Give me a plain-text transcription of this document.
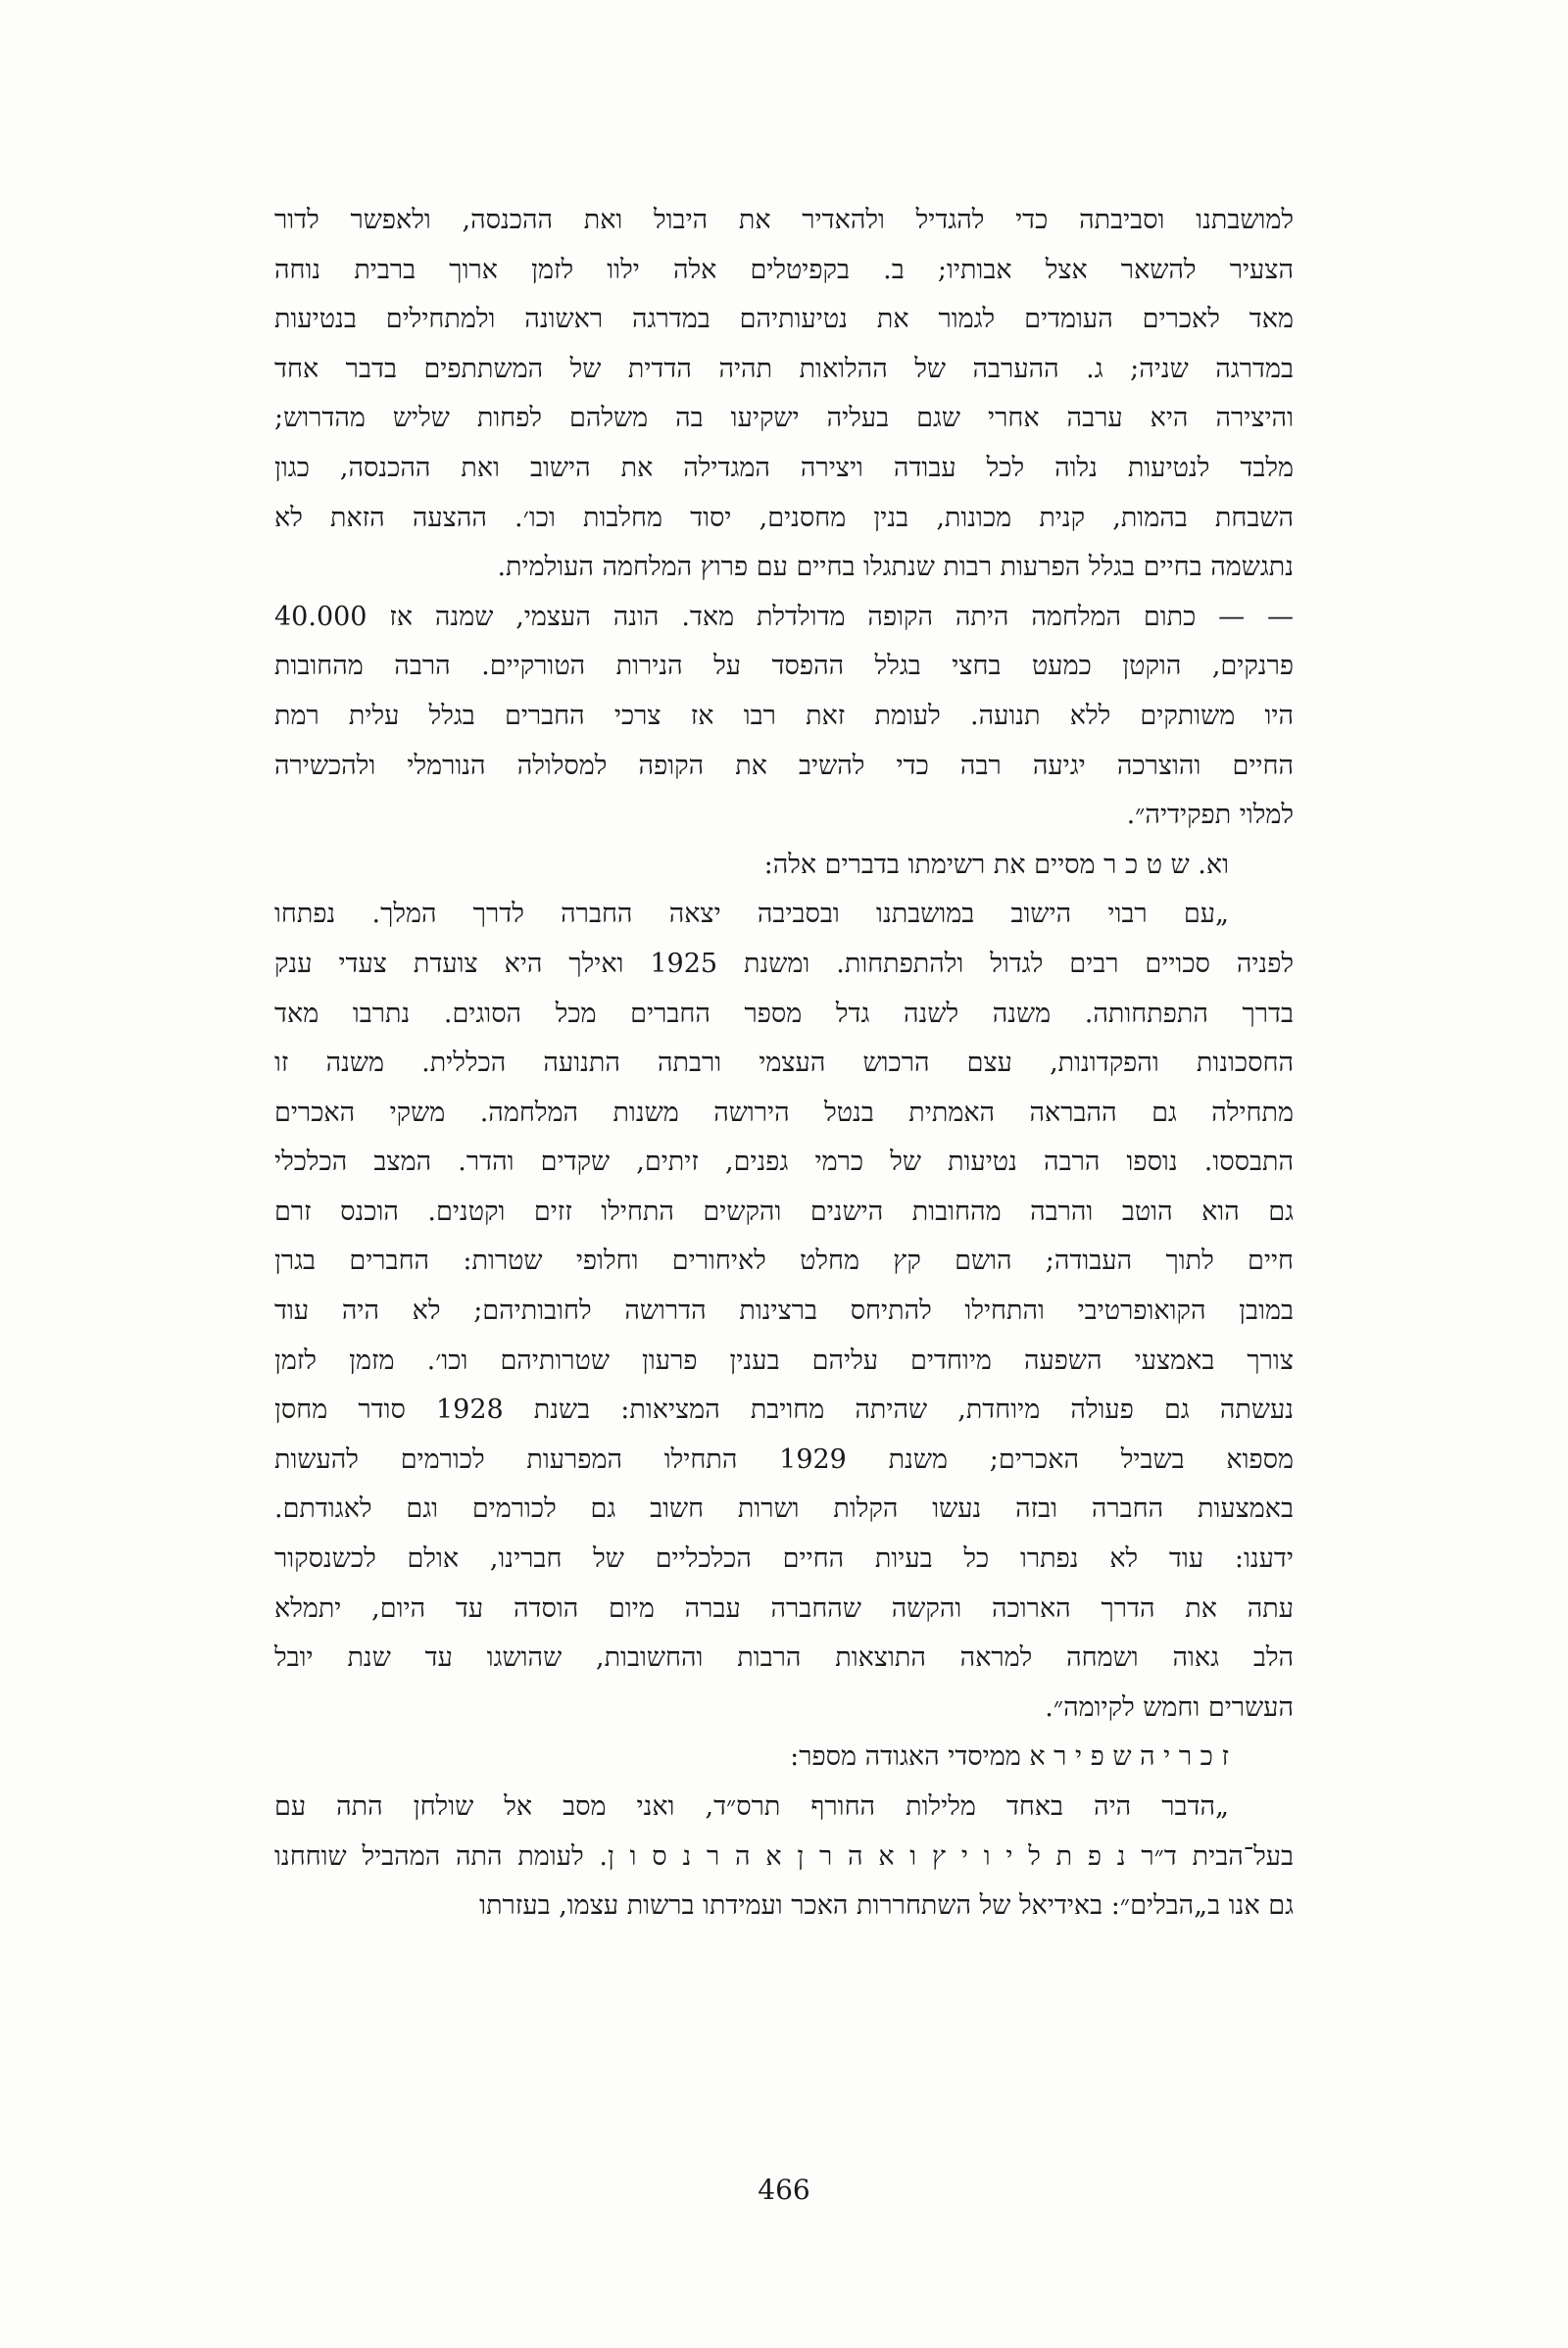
למושבתנו וסביבתה כדי להגדיל ולהאדיר את היבול ואת ההכנסה, ולאפשר לדור
הצעיר להשאר אצל אבותיו; ב. בקפיטלים אלה ילוו לזמן ארוך ברבית נוחה
מאד לאכרים העומדים לגמור את נטיעותיהם במדרגה ראשונה ולמתחילים בנטיעות
במדרגה שניה; ג. ההערבה של ההלואות תהיה הדדית של המשתתפים בדבר אחד
והיצירה היא ערבה אחרי שגם בעליה ישקיעו בה משלהם לפחות שליש מהדרוש;
מלבד לנטיעות נלוה לכל עבודה ויצירה המגדילה את הישוב ואת ההכנסה, כגון
השבחת בהמות, קנית מכונות, בנין מחסנים, יסוד מחלבות וכו׳. ההצעה הזאת לא
נתגשמה בחיים בגלל הפרעות רבות שנתגלו בחיים עם פרוץ המלחמה העולמית.
— — כתום המלחמה היתה הקופה מדולדלת מאד. הונה העצמי, שמנה אז 40.000
פרנקים, הוקטן כמעט בחצי בגלל ההפסד על הנירות הטורקיים. הרבה מהחובות
היו משותקים ללא תנועה. לעומת זאת רבו אז צרכי החברים בגלל עלית רמת
החיים והוצרכה יגיעה רבה כדי להשיב את הקופה למסלולה הנורמלי ולהכשירה
למלוי תפקידיה״.
וא. ש ט כ ר מסיים את רשימתו בדברים אלה:
„עם רבוי הישוב במושבתנו ובסביבה יצאה החברה לדרך המלך. נפתחו
לפניה סכויים רבים לגדול ולהתפתחות. ומשנת 1925 ואילך היא צועדת צעדי ענק
בדרך התפתחותה. משנה לשנה גדל מספר החברים מכל הסוגים. נתרבו מאד
החסכונות והפקדונות, עצם הרכוש העצמי ורבתה התנועה הכללית. משנה זו
מתחילה גם ההבראה האמתית בנטל הירושה משנות המלחמה. משקי האכרים
התבססו. נוספו הרבה נטיעות של כרמי גפנים, זיתים, שקדים והדר. המצב הכלכלי
גם הוא הוטב והרבה מהחובות הישנים והקשים התחילו זזים וקטנים. הוכנס זרם
חיים לתוך העבודה; הושם קץ מחלט לאיחורים וחלופי שטרות: החברים בגרן
במובן הקואופרטיבי והתחילו להתיחס ברצינות הדרושה לחובותיהם; לא היה עוד
צורך באמצעי השפעה מיוחדים עליהם בענין פרעון שטרותיהם וכו׳. מזמן לזמן
נעשתה גם פעולה מיוחדת, שהיתה מחויבת המציאות: בשנת 1928 סודר מחסן
מספוא בשביל האכרים; משנת 1929 התחילו המפרעות לכורמים להעשות
באמצעות החברה ובזה נעשו הקלות ושרות חשוב גם לכורמים וגם לאגודתם.
ידענו: עוד לא נפתרו כל בעיות החיים הכלכליים של חברינו, אולם לכשנסקור
עתה את הדרך הארוכה והקשה שהחברה עברה מיום הוסדה עד היום, יתמלא
הלב גאוה ושמחה למראה התוצאות הרבות והחשובות, שהושגו עד שנת יובל
העשרים וחמש לקיומה״.
ז כ ר י ה ש פ י ר א ממיסדי האגודה מספר:
„הדבר היה באחד מלילות החורף תרס״ד, ואני מסב אל שולחן התה עם
בעל־הבית ד״ר נ פ ת ל י ו י ץ ו א ה ר ן א ה ר נ ס ו ן. לעומת התה המהביל שוחחנו
גם אנו ב„הבלים״: באידיאל של השתחררות האכר ועמידתו ברשות עצמו, בעזרתו
466
